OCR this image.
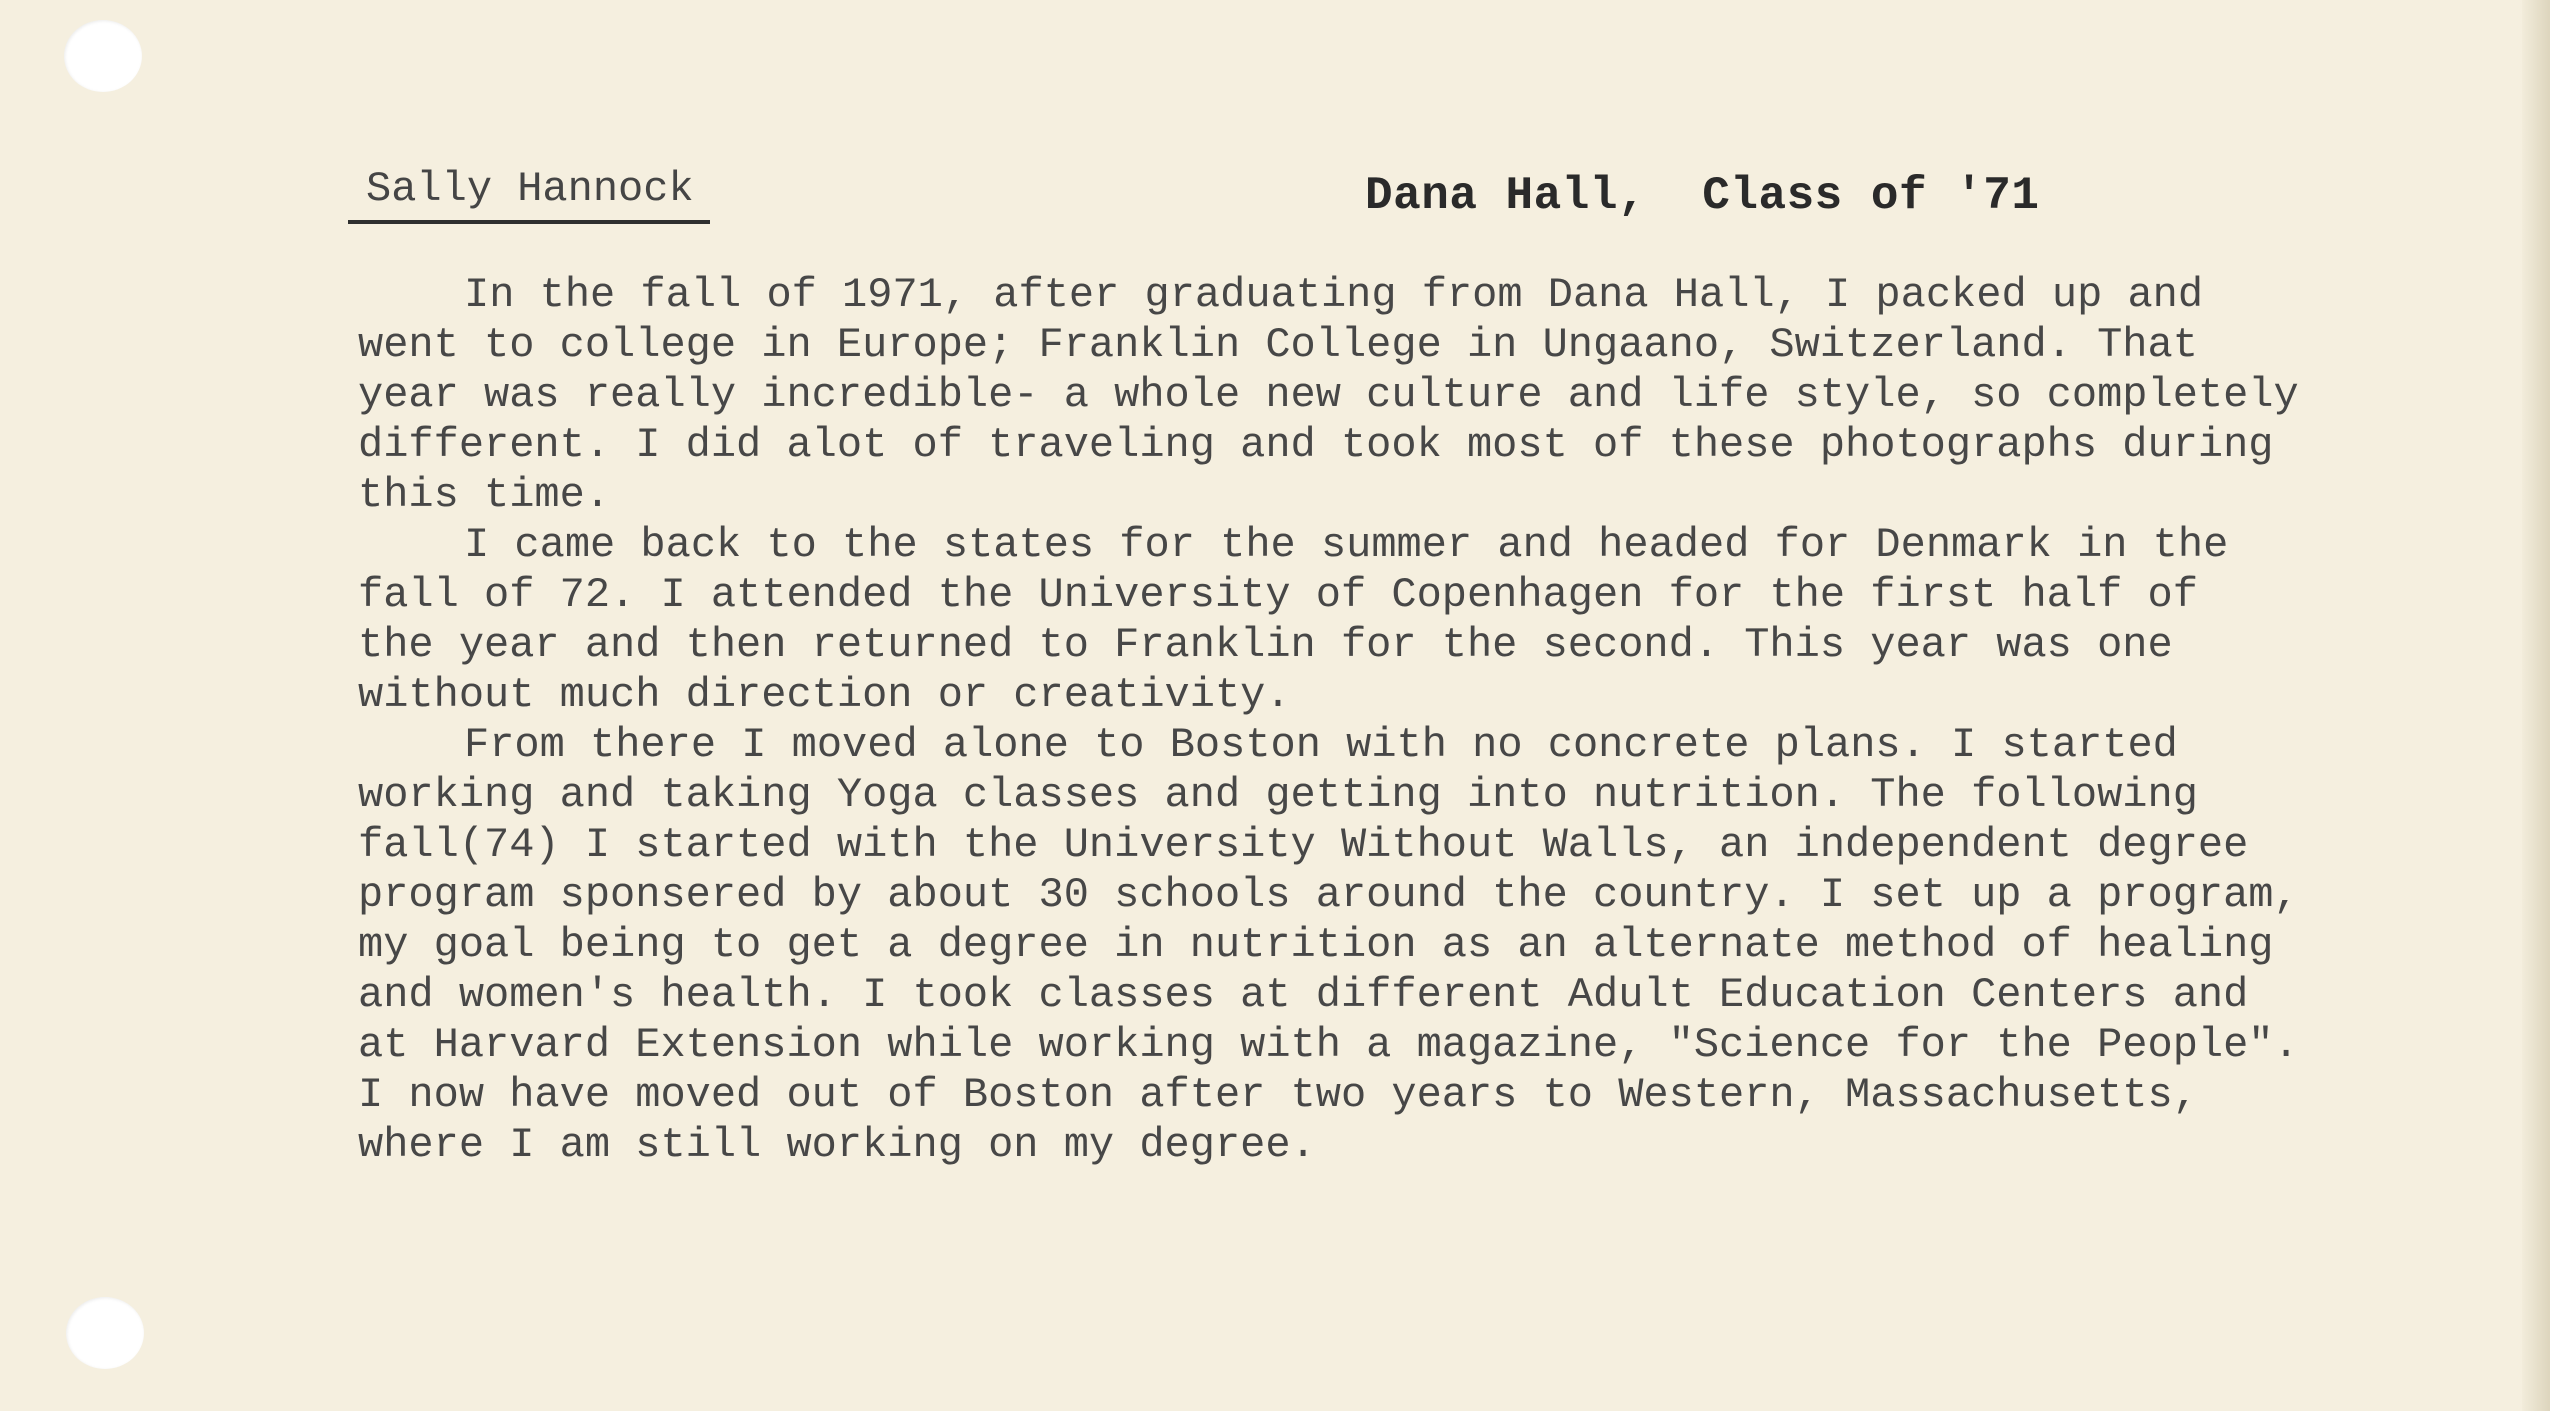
Sally Hannock	Dana Hall,  Class of '71
In the fall of 1971, after graduating from Dana Hall, I packed up and
went to college in Europe; Franklin College in Ungaano, Switzerland. That
year was really incredible- a whole new culture and life style, so completely
different. I did alot of traveling and took most of these photographs during
this time.
I came back to the states for the summer and headed for Denmark in the
fall of 72. I attended the University of Copenhagen for the first half of
the year and then returned to Franklin for the second. This year was one
without much direction or creativity.
From there I moved alone to Boston with no concrete plans. I started
working and taking Yoga classes and getting into nutrition. The following
fall(74) I started with the University Without Walls, an independent degree
program sponsered by about 30 schools around the country. I set up a program,
my goal being to get a degree in nutrition as an alternate method of healing
and women's health. I took classes at different Adult Education Centers and
at Harvard Extension while working with a magazine, "Science for the People".
I now have moved out of Boston after two years to Western, Massachusetts,
where I am still working on my degree.
